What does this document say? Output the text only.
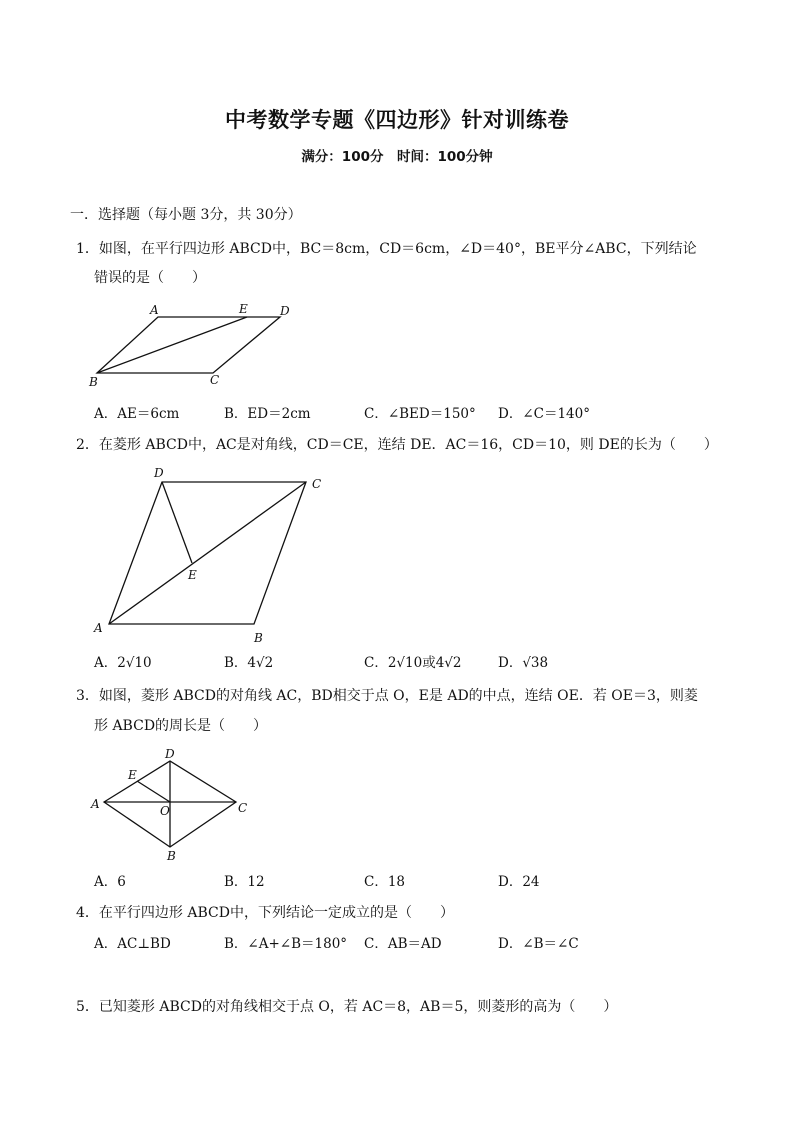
中考数学专题《四边形》针对训练卷
满分：100分　时间：100分钟
一．选择题（每小题 3分，共 30分）
1．如图，在平行四边形 ABCD中，BC＝8cm，CD＝6cm，∠D＝40°，BE平分∠ABC，下列结论
错误的是（　　）
A	E	D
B	C
A．AE＝6cm	B．ED＝2cm	C．∠BED＝150° D．∠C＝140°
2．在菱形 ABCD中，AC是对角线，CD＝CE，连结 DE．AC＝16，CD＝10，则 DE的长为（　　）
D
C
E
A
B
A．2√10	B．4√2	C．2√10或4√2	D．√38
3．如图，菱形 ABCD的对角线 AC，BD相交于点 O，E是 AD的中点，连结 OE．若 OE＝3，则菱
形 ABCD的周长是（　　）
D
E
A	O	C
B
A．6	B．12	C．18	D．24
4．在平行四边形 ABCD中，下列结论一定成立的是（　　）
A．AC⊥BD	B．∠A+∠B＝180° C．AB＝AD	D．∠B＝∠C
5．已知菱形 ABCD的对角线相交于点 O，若 AC＝8，AB＝5，则菱形的高为（　　）
